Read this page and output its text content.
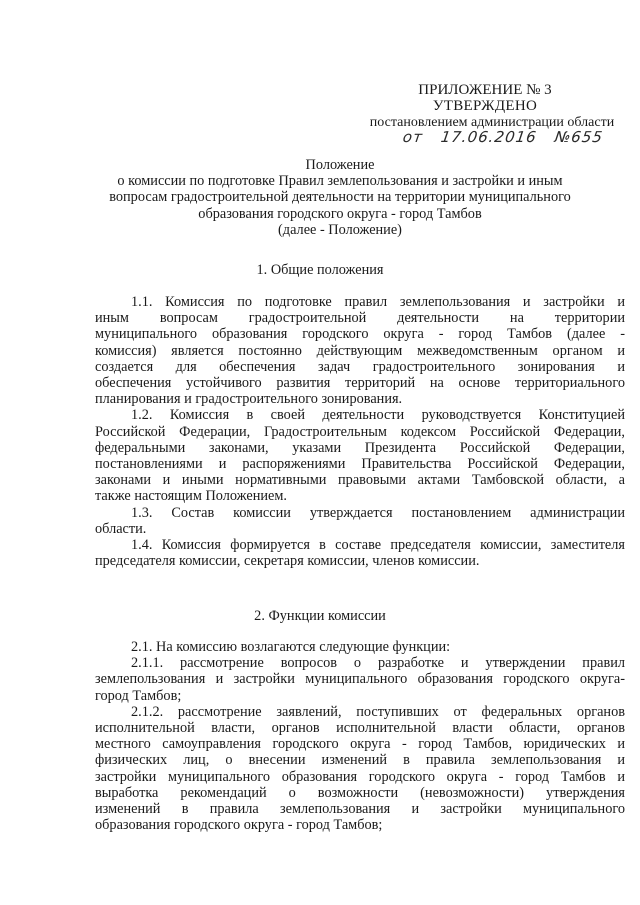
ПРИЛОЖЕНИЕ № 3
УТВЕРЖДЕНО
постановлением администрации области
от 17.06.2016 №655
Положение
о комиссии по подготовке Правил землепользования и застройки и иным
вопросам градостроительной деятельности на территории муниципального
образования городского округа - город Тамбов
(далее - Положение)
1. Общие положения

1.1. Комиссия по подготовке правил землепользования и застройки и
иным вопросам градостроительной деятельности на территории
муниципального образования городского округа - город Тамбов (далее -
комиссия) является постоянно действующим межведомственным органом и
создается для обеспечения задач градостроительного зонирования и
обеспечения устойчивого развития территорий на основе территориального
планирования и градостроительного зонирования.

1.2. Комиссия в своей деятельности руководствуется Конституцией
Российской Федерации, Градостроительным кодексом Российской Федерации,
федеральными законами, указами Президента Российской Федерации,
постановлениями и распоряжениями Правительства Российской Федерации,
законами и иными нормативными правовыми актами Тамбовской области, а
также настоящим Положением.

1.3. Состав комиссии утверждается постановлением администрации
области.

1.4. Комиссия формируется в составе председателя комиссии, заместителя
председателя комиссии, секретаря комиссии, членов комиссии.

2. Функции комиссии

2.1. На комиссию возлагаются следующие функции:

2.1.1. рассмотрение вопросов о разработке и утверждении правил
землепользования и застройки муниципального образования городского округа-
город Тамбов;

2.1.2. рассмотрение заявлений, поступивших от федеральных органов
исполнительной власти, органов исполнительной власти области, органов
местного самоуправления городского округа - город Тамбов, юридических и
физических лиц, о внесении изменений в правила землепользования и
застройки муниципального образования городского округа - город Тамбов и
выработка рекомендаций о возможности (невозможности) утверждения
изменений в правила землепользования и застройки муниципального
образования городского округа - город Тамбов;
